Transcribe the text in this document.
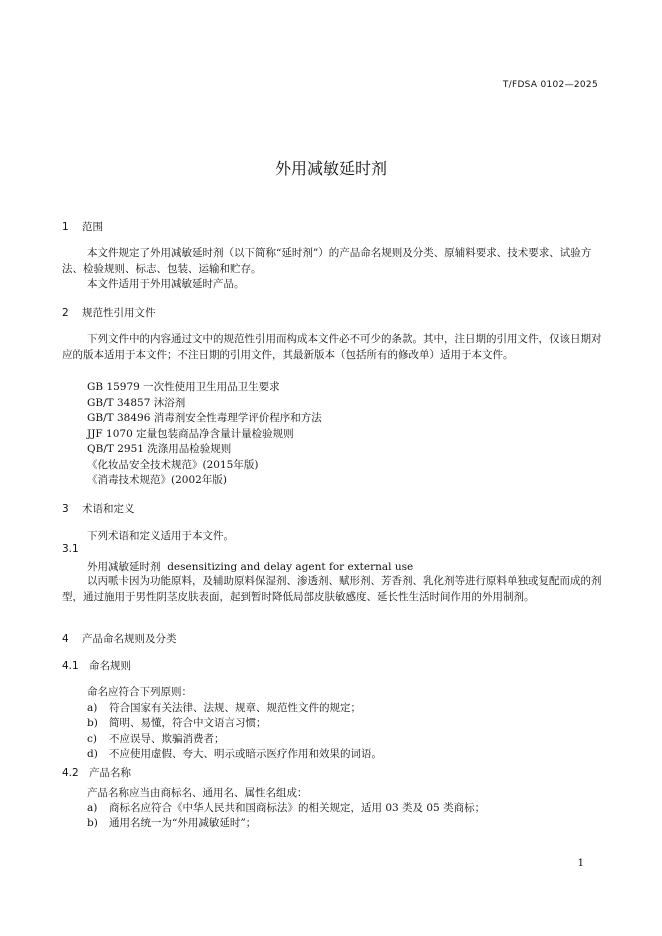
T/FDSA 0102—2025
外用减敏延时剂
1 范围
本文件规定了外用减敏延时剂（以下简称“延时剂”）的产品命名规则及分类、原辅料要求、技术要求、试验方法、检验规则、标志、包装、运输和贮存。
本文件适用于外用减敏延时产品。
2 规范性引用文件
下列文件中的内容通过文中的规范性引用而构成本文件必不可少的条款。其中，注日期的引用文件，仅该日期对应的版本适用于本文件；不注日期的引用文件，其最新版本（包括所有的修改单）适用于本文件。
GB 15979 一次性使用卫生用品卫生要求
GB/T 34857 沐浴剂
GB/T 38496 消毒剂安全性毒理学评价程序和方法
JJF 1070 定量包装商品净含量计量检验规则
QB/T 2951 洗涤用品检验规则
《化妆品安全技术规范》(2015年版)
《消毒技术规范》(2002年版)
3 术语和定义
下列术语和定义适用于本文件。
3.1
外用减敏延时剂 desensitizing and delay agent for external use
以丙哌卡因为功能原料，及辅助原料保湿剂、渗透剂、赋形剂、芳香剂、乳化剂等进行原料单独或复配而成的剂型，通过施用于男性阴茎皮肤表面，起到暂时降低局部皮肤敏感度、延长性生活时间作用的外用制剂。
4 产品命名规则及分类
4.1 命名规则
命名应符合下列原则：
a) 符合国家有关法律、法规、规章、规范性文件的规定；
b) 简明、易懂，符合中文语言习惯；
c) 不应误导、欺骗消费者；
d) 不应使用虚假、夸大、明示或暗示医疗作用和效果的词语。
4.2 产品名称
产品名称应当由商标名、通用名、属性名组成：
a) 商标名应符合《中华人民共和国商标法》的相关规定，适用 03 类及 05 类商标；
b) 通用名统一为“外用减敏延时”；
1
